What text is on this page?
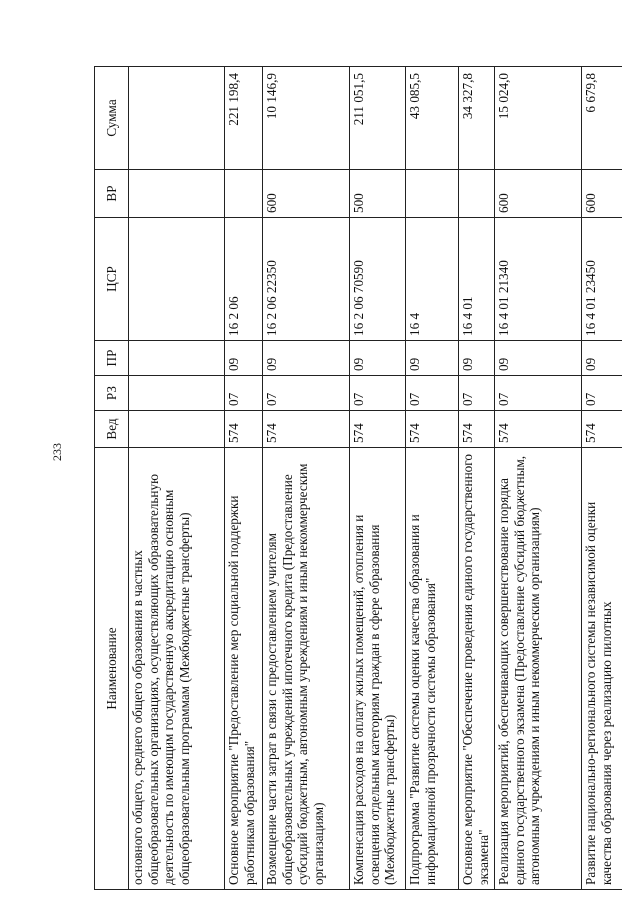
233
Наименование	Вед	РЗ	ПР	ЦСР	ВР	Сумма
основного общего, среднего общего образования в частных общеобразовательных организациях, осуществляющих образовательную деятельность по имеющим государственную аккредитацию основным общеобразовательным программам (Межбюджетные трансферты)						
Основное мероприятие "Предоставление мер социальной поддержки работникам образования"	574	07	09	16 2 06		221 198,4
Возмещение части затрат в связи с предоставлением учителям общеобразовательных учреждений ипотечного кредита (Предоставление субсидий бюджетным, автономным учреждениям и иным некоммерческим организациям)	574	07	09	16 2 06 22350	600	10 146,9
Компенсация расходов на оплату жилых помещений, отопления и освещения отдельным категориям граждан в сфере образования (Межбюджетные трансферты)	574	07	09	16 2 06 70590	500	211 051,5
Подпрограмма "Развитие системы оценки качества образования и информационной прозрачности системы образования"	574	07	09	16 4		43 085,5
Основное мероприятие "Обеспечение проведения единого государственного экзамена"	574	07	09	16 4 01		34 327,8
Реализация мероприятий, обеспечивающих совершенствование порядка единого государственного экзамена (Предоставление субсидий бюджетным, автономным учреждениям и иным некоммерческим организациям)	574	07	09	16 4 01 21340	600	15 024,0
Развитие национально-регионального системы независимой оценки качества образования через реализацию пилотных	574	07	09	16 4 01 23450	600	6 679,8
